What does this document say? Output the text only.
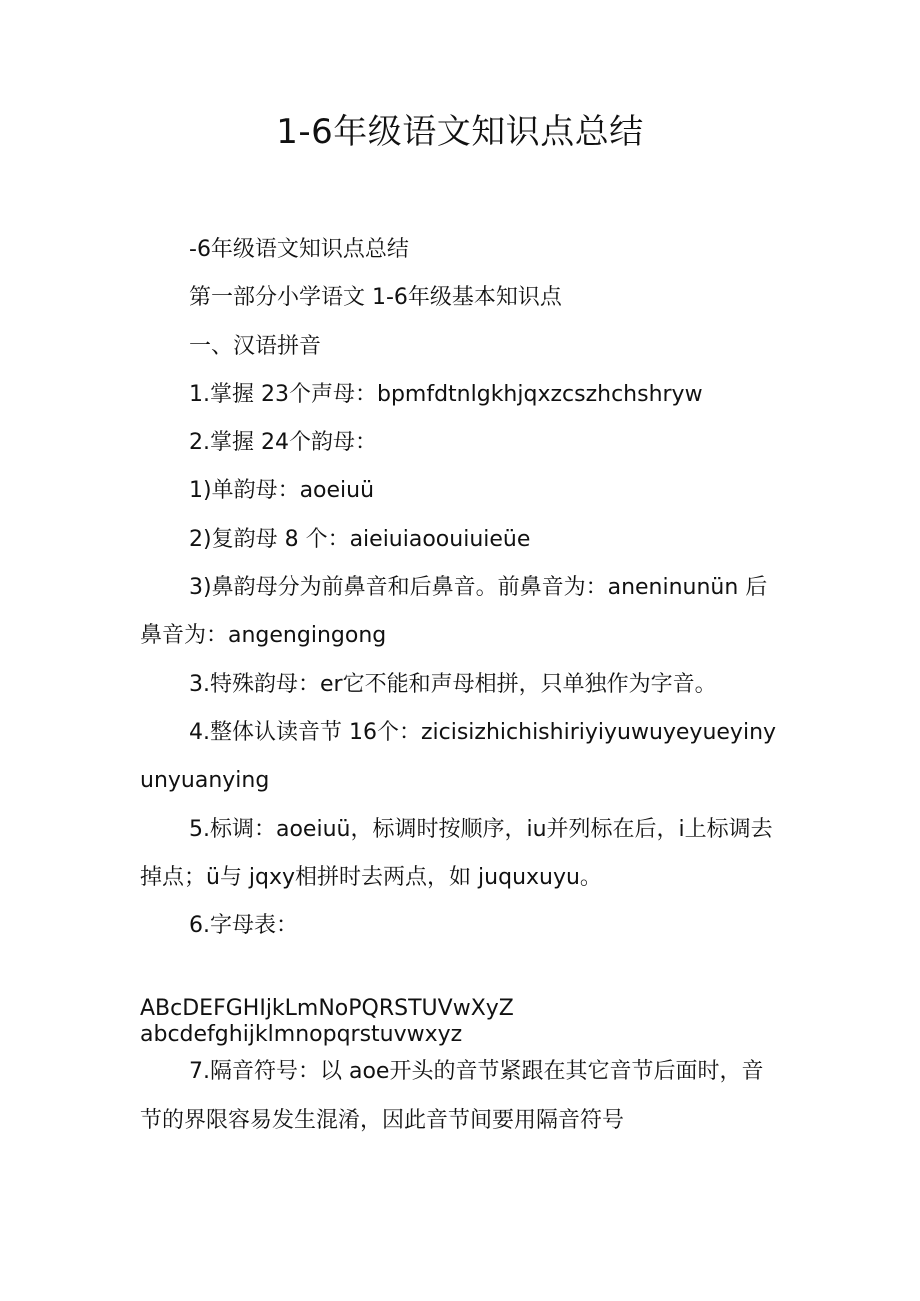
1-6年级语文知识点总结

-6年级语文知识点总结

第一部分小学语文 1-6年级基本知识点

一、汉语拼音

1.掌握 23个声母：bpmfdtnlgkhjqxzcszhchshryw

2.掌握 24个韵母：

1)单韵母：aoeiuü

2)复韵母 8 个：aieiuiaoouiuieüe

3)鼻韵母分为前鼻音和后鼻音。前鼻音为：aneninunün 后鼻音为：angengingong

3.特殊韵母：er它不能和声母相拼，只单独作为字音。

4.整体认读音节 16个：zicisizhichishiriyiyuwuyeyueyinyunyuanying

5.标调：aoeiuü，标调时按顺序，iu并列标在后，i上标调去掉点；ü与 jqxy相拼时去两点，如 juquxuyu。

6.字母表：

ABcDEFGHIjkLmNoPQRSTUVwXyZ

abcdefghijklmnopqrstuvwxyz

7.隔音符号：以 aoe开头的音节紧跟在其它音节后面时，音节的界限容易发生混淆，因此音节间要用隔音符号
